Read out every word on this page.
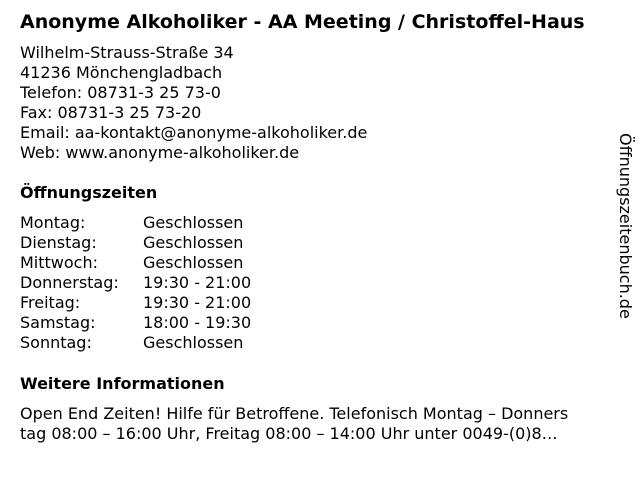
Anonyme Alkoholiker - AA Meeting / Christoffel-Haus
Wilhelm-Strauss-Straße 34
41236 Mönchengladbach
Telefon: 08731-3 25 73-0
Fax: 08731-3 25 73-20
Email: aa-kontakt@anonyme-alkoholiker.de
Web: www.anonyme-alkoholiker.de
Öffnungszeiten
Montag:	Geschlossen
Dienstag:	Geschlossen
Mittwoch:	Geschlossen
Donnerstag: 19:30 - 21:00
Freitag:	19:30 - 21:00
Samstag:	18:00 - 19:30
Sonntag:	Geschlossen
Weitere Informationen
Open End Zeiten! Hilfe für Betroffene. Telefonisch Montag – Donners
tag 08:00 – 16:00 Uhr, Freitag 08:00 – 14:00 Uhr unter 0049-(0)8…
Öffnungszeitenbuch.de
